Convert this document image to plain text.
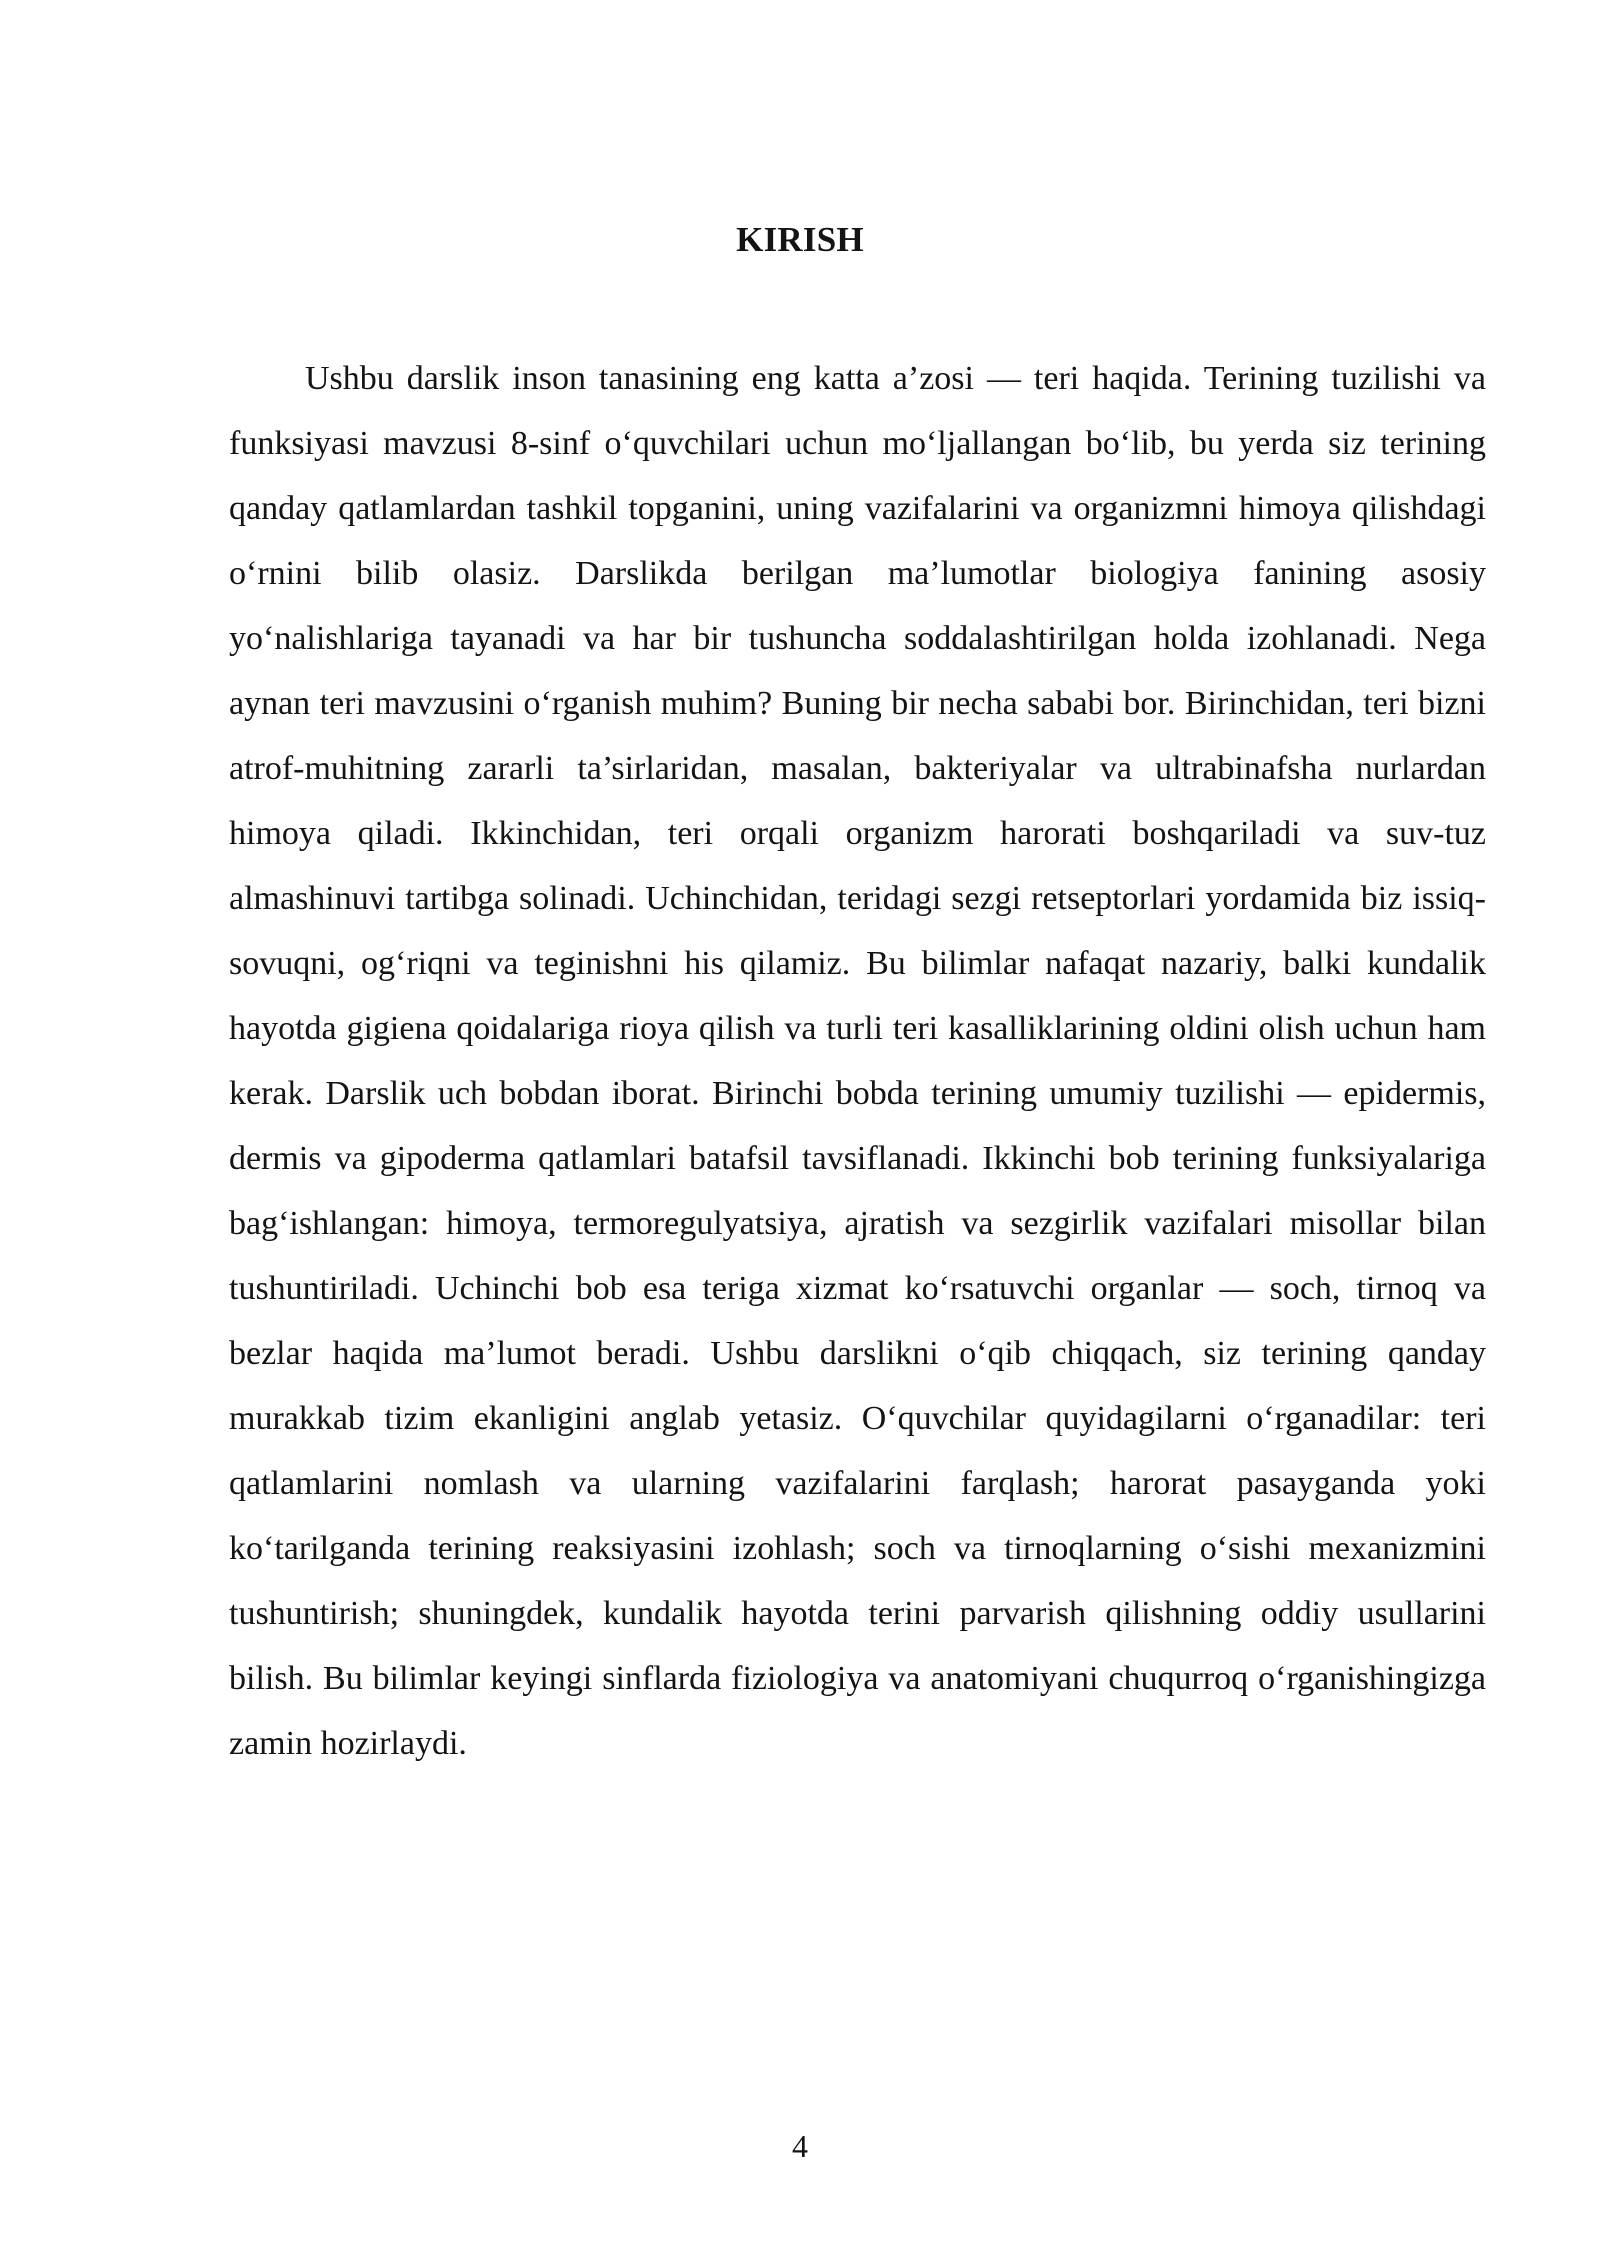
KIRISH

Ushbu darslik inson tanasining eng katta a’zosi — teri haqida. Terining tuzilishi va funksiyasi mavzusi 8-sinf o‘quvchilari uchun mo‘ljallangan bo‘lib, bu yerda siz terining qanday qatlamlardan tashkil topganini, uning vazifalarini va organizmni himoya qilishdagi o‘rnini bilib olasiz. Darslikda berilgan ma’lumotlar biologiya fanining asosiy yo‘nalishlariga tayanadi va har bir tushuncha soddalashtirilgan holda izohlanadi. Nega aynan teri mavzusini o‘rganish muhim? Buning bir necha sababi bor. Birinchidan, teri bizni atrof-muhitning zararli ta’sirlaridan, masalan, bakteriyalar va ultrabinafsha nurlardan himoya qiladi. Ikkinchidan, teri orqali organizm harorati boshqariladi va suv-tuz almashinuvi tartibga solinadi. Uchinchidan, teridagi sezgi retseptorlari yordamida biz issiq-sovuqni, og‘riqni va teginishni his qilamiz. Bu bilimlar nafaqat nazariy, balki kundalik hayotda gigiena qoidalariga rioya qilish va turli teri kasalliklarining oldini olish uchun ham kerak. Darslik uch bobdan iborat. Birinchi bobda terining umumiy tuzilishi — epidermis, dermis va gipoderma qatlamlari batafsil tavsiflanadi. Ikkinchi bob terining funksiyalariga bag‘ishlangan: himoya, termoregulyatsiya, ajratish va sezgirlik vazifalari misollar bilan tushuntiriladi. Uchinchi bob esa teriga xizmat ko‘rsatuvchi organlar — soch, tirnoq va bezlar haqida ma’lumot beradi. Ushbu darslikni o‘qib chiqqach, siz terining qanday murakkab tizim ekanligini anglab yetasiz. O‘quvchilar quyidagilarni o‘rganadilar: teri qatlamlarini nomlash va ularning vazifalarini farqlash; harorat pasayganda yoki ko‘tarilganda terining reaksiyasini izohlash; soch va tirnoqlarning o‘sishi mexanizmini tushuntirish; shuningdek, kundalik hayotda terini parvarish qilishning oddiy usullarini bilish. Bu bilimlar keyingi sinflarda fiziologiya va anatomiyani chuqurroq o‘rganishingizga zamin hozirlaydi.

4
